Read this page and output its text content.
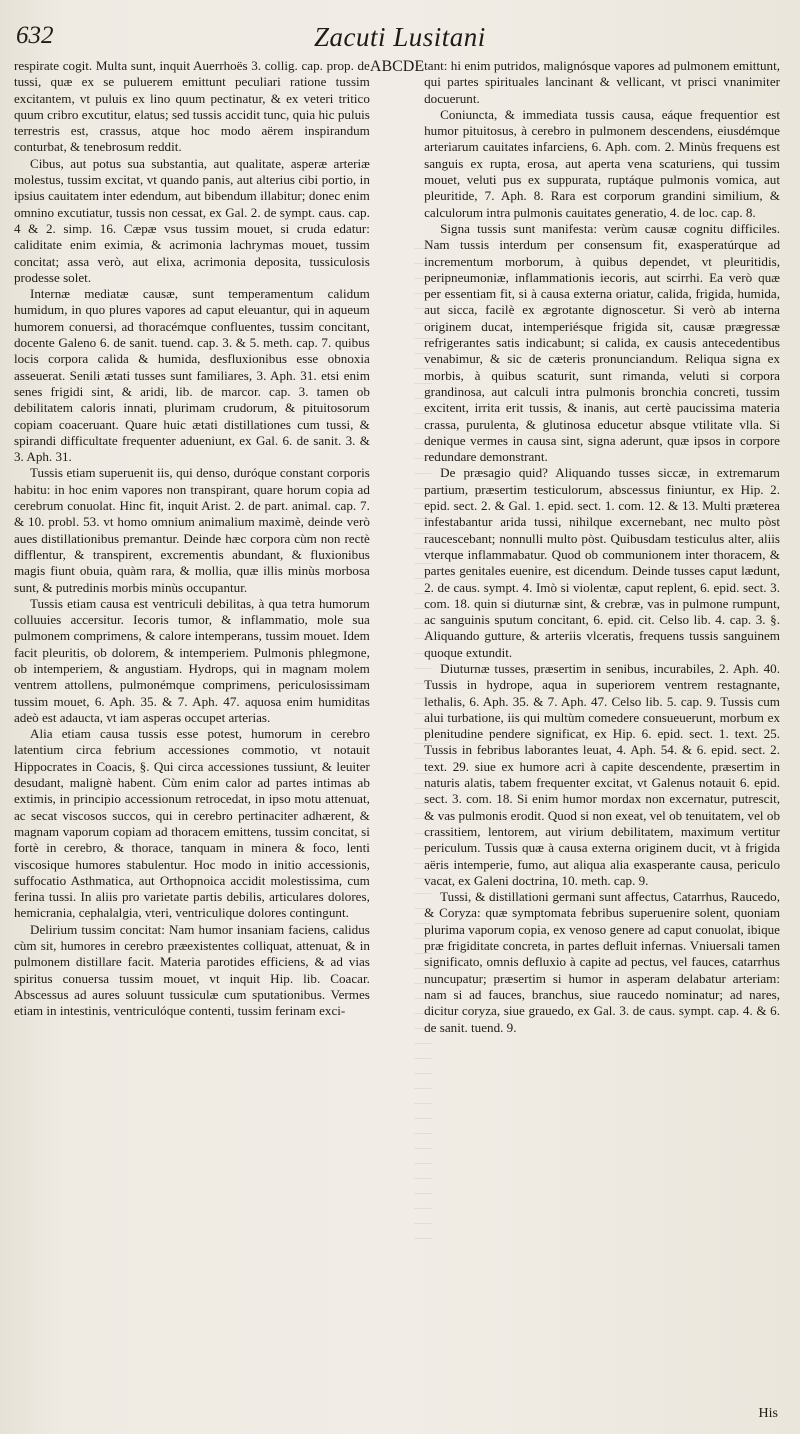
632	Zacuti Lusitani

respirate cogit. Multa sunt, inquit Auerrhoës 3. collig. cap. prop. de tussi, quæ ex se puluerem emittunt peculiari ratione tussim excitantem, vt puluis ex lino quum pectinatur, & ex veteri tritico quum cribro excutitur, elatus; sed tussis accidit tunc, quia hic puluis terrestris est, crassus, atque hoc modo aërem inspirandum conturbat, & tenebrosum reddit.

Cibus, aut potus sua substantia, aut qualitate, asperæ arteriæ molestus, tussim excitat, vt quando panis, aut alterius cibi portio, in ipsius cauitatem inter edendum, aut bibendum illabitur; donec enim omnino excutiatur, tussis non cessat, ex Gal. 2. de sympt. caus. cap. 4 & 2. simp. 16. Cæpæ vsus tussim mouet, si cruda edatur: caliditate enim eximia, & acrimonia lachrymas mouet, tussim concitat; assa verò, aut elixa, acrimonia deposita, tussiculosis prodesse solet.

Internæ mediatæ causæ, sunt temperamentum calidum humidum, in quo plures vapores ad caput eleuantur, qui in aqueum humorem conuersi, ad thoracémque confluentes, tussim concitant, docente Galeno 6. de sanit. tuend. cap. 3. & 5. meth. cap. 7. quibus locis corpora calida & humida, desfluxionibus esse obnoxia asseuerat. Senili ætati tusses sunt familiares, 3. Aph. 31. etsi enim senes frigidi sint, & aridi, lib. de marcor. cap. 3. tamen ob debilitatem caloris innati, plurimam crudorum, & pituitosorum copiam coaceruant. Quare huic ætati distillationes cum tussi, & spirandi difficultate frequenter adueniunt, ex Gal. 6. de sanit. 3. & 3. Aph. 31.

Tussis etiam superuenit iis, qui denso, duróque constant corporis habitu: in hoc enim vapores non transpirant, quare horum copia ad cerebrum conuolat. Hinc fit, inquit Arist. 2. de part. animal. cap. 7. & 10. probl. 53. vt homo omnium animalium maximè, deinde verò aues distillationibus premantur. Deinde hæc corpora cùm non rectè difflentur, & transpirent, excrementis abundant, & fluxionibus magis fiunt obuia, quàm rara, & mollia, quæ illis minùs morbosa sunt, & putredinis morbis minùs occupantur.

Tussis etiam causa est ventriculi debilitas, à qua tetra humorum colluuies accersitur. Iecoris tumor, & inflammatio, mole sua pulmonem comprimens, & calore intemperans, tussim mouet. Idem facit pleuritis, ob dolorem, & intemperiem. Pulmonis phlegmone, ob intemperiem, & angustiam. Hydrops, qui in magnam molem ventrem attollens, pulmonémque comprimens, periculosissimam tussim mouet, 6. Aph. 35. & 7. Aph. 47. aquosa enim humiditas adeò est adaucta, vt iam asperas occupet arterias.

Alia etiam causa tussis esse potest, humorum in cerebro latentium circa febrium accessiones commotio, vt notauit Hippocrates in Coacis, §. Qui circa accessiones tussiunt, & leuiter desudant, malignè habent. Cùm enim calor ad partes intimas ab extimis, in principio accessionum retrocedat, in ipso motu attenuat, ac secat viscosos succos, qui in cerebro pertinaciter adhærent, & magnam vaporum copiam ad thoracem emittens, tussim concitat, si fortè in cerebro, & thorace, tanquam in minera & foco, lenti viscosique humores stabulentur. Hoc modo in initio accessionis, suffocatio Asthmatica, aut Orthopnoica accidit molestissima, cum ferina tussi. In aliis pro varietate partis debilis, articulares dolores, hemicrania, cephalalgia, vteri, ventriculique dolores contingunt.

Delirium tussim concitat: Nam humor insaniam faciens, calidus cùm sit, humores in cerebro præexistentes colliquat, attenuat, & in pulmonem distillare facit. Materia parotides efficiens, & ad vias spiritus conuersa tussim mouet, vt inquit Hip. lib. Coacar. Abscessus ad aures soluunt tussiculæ cum sputationibus. Vermes etiam in intestinis, ventriculóque contenti, tussim ferinam exci-

A B C D E tant: hi enim putridos, malignósque vapores ad pulmonem emittunt, qui partes spirituales lancinant & vellicant, vt prisci vnanimiter docuerunt.

Coniuncta, & immediata tussis causa, eáque frequentior est humor pituitosus, à cerebro in pulmonem descendens, eiusdémque arteriarum cauitates infarciens, 6. Aph. com. 2. Minùs frequens est sanguis ex rupta, erosa, aut aperta vena scaturiens, qui tussim mouet, veluti pus ex suppurata, ruptáque pulmonis vomica, aut pleuritide, 7. Aph. 8. Rara est corporum grandini similium, & calculorum intra pulmonis cauitates generatio, 4. de loc. cap. 8.

Signa tussis sunt manifesta: verùm causæ cognitu difficiles. Nam tussis interdum per consensum fit, exasperatúrque ad incrementum morborum, à quibus dependet, vt pleuritidis, peripneumoniæ, inflammationis iecoris, aut scirrhi. Ea verò quæ per essentiam fit, si à causa externa oriatur, calida, frigida, humida, aut sicca, facilè ex ægrotante dignoscetur. Si verò ab interna originem ducat, intemperiésque frigida sit, causæ prægressæ refrigerantes satis indicabunt; si calida, ex causis antecedentibus venabimur, & sic de cæteris pronunciandum. Reliqua signa ex morbis, à quibus scaturit, sunt rimanda, veluti si corpora grandinosa, aut calculi intra pulmonis bronchia concreti, tussim excitent, irrita erit tussis, & inanis, aut certè paucissima materia crassa, purulenta, & glutinosa educetur absque vtilitate vlla. Si denique vermes in causa sint, signa aderunt, quæ ipsos in corpore redundare demonstrant.

De præsagio quid? Aliquando tusses siccæ, in extremarum partium, præsertim testiculorum, abscessus finiuntur, ex Hip. 2. epid. sect. 2. & Gal. 1. epid. sect. 1. com. 12. & 13. Multi præterea infestabantur arida tussi, nihilque excernebant, nec multo pòst raucescebant; nonnulli multo pòst. Quibusdam testiculus alter, aliis vterque inflammabatur. Quod ob communionem inter thoracem, & partes genitales euenire, est dicendum. Deinde tusses caput lædunt, 2. de caus. sympt. 4. Imò si violentæ, caput replent, 6. epid. sect. 3. com. 18. quin si diuturnæ sint, & crebræ, vas in pulmone rumpunt, ac sanguinis sputum concitant, 6. epid. cit. Celso lib. 4. cap. 3. §. Aliquando gutture, & arteriis vlceratis, frequens tussis sanguinem quoque extundit.

Diuturnæ tusses, præsertim in senibus, incurabiles, 2. Aph. 40. Tussis in hydrope, aqua in superiorem ventrem restagnante, lethalis, 6. Aph. 35. & 7. Aph. 47. Celso lib. 5. cap. 9. Tussis cum alui turbatione, iis qui multùm comedere consueuerunt, morbum ex plenitudine pendere significat, ex Hip. 6. epid. sect. 1. text. 25. Tussis in febribus laborantes leuat, 4. Aph. 54. & 6. epid. sect. 2. text. 29. siue ex humore acri à capite descendente, præsertim in naturis alatis, tabem frequenter excitat, vt Galenus notauit 6. epid. sect. 3. com. 18. Si enim humor mordax non excernatur, putrescit, & vas pulmonis erodit. Quod si non exeat, vel ob tenuitatem, vel ob crassitiem, lentorem, aut virium debilitatem, maximum vertitur periculum. Tussis quæ à causa externa originem ducit, vt à frigida aëris intemperie, fumo, aut aliqua alia exasperante causa, periculo vacat, ex Galeni doctrina, 10. meth. cap. 9.

Tussi, & distillationi germani sunt affectus, Catarrhus, Raucedo, & Coryza: quæ symptomata febribus superuenire solent, quoniam plurima vaporum copia, ex venoso genere ad caput conuolat, ibique præ frigiditate concreta, in partes defluit infernas. Vniuersali tamen significato, omnis defluxio à capite ad pectus, vel fauces, catarrhus nuncupatur; præsertim si humor in asperam delabatur arteriam: nam si ad fauces, branchus, siue raucedo nominatur; ad nares, dicitur coryza, siue grauedo, ex Gal. 3. de caus. sympt. cap. 4. & 6. de sanit. tuend. 9.

His
